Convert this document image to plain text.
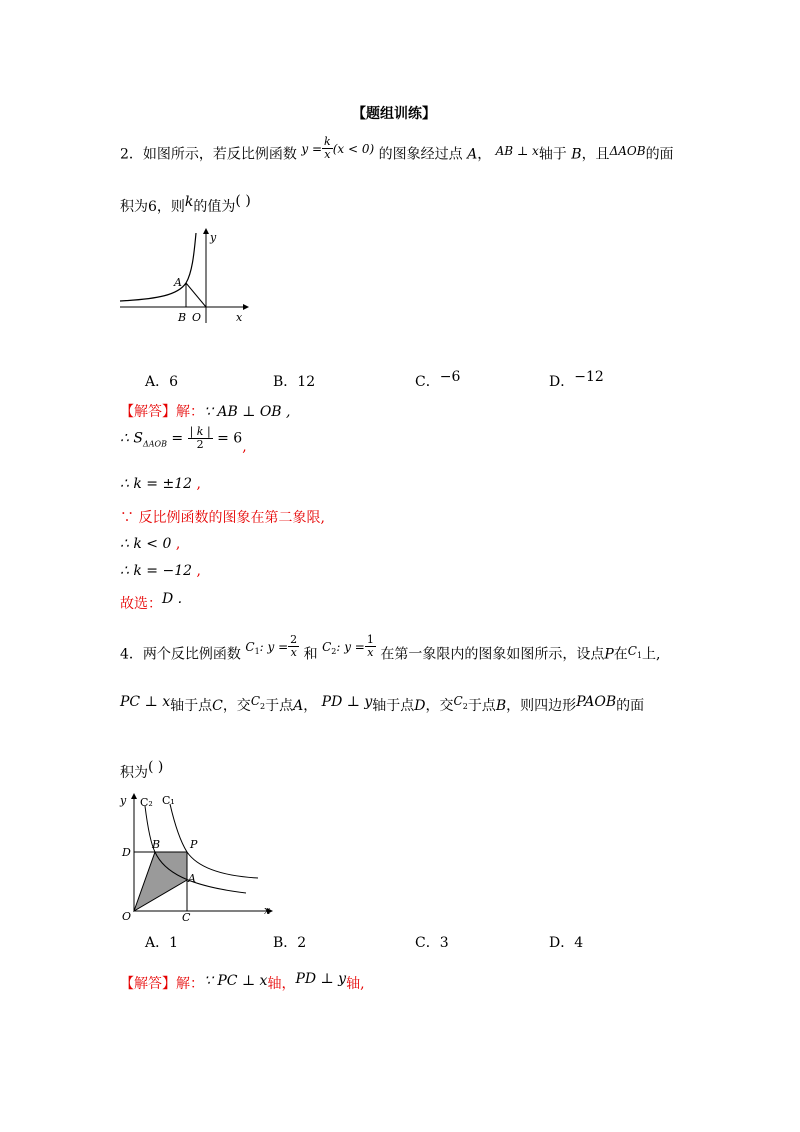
【题组训练】
2．如图所示，若反比例函数 $y = \frac{k}{x} (x < 0)$ 的图象经过点 A， AB ⊥ x轴于 B，且ΔAOB的面
积为6，则k的值为( )
y
x
A
B O
A．6	B．12	C．−6	D．−12
【解答】解：∵ AB ⊥ OB ,
∴ $S_{\Delta AOB} = \frac{| k |}{2} = 6$,
∴ k = ±12 ,
∵ 反比例函数的图象在第二象限,
∴ k < 0 ,
∴ k = −12 ,
故选：D .
4．两个反比例函数 $C_1$: $y = \frac{2}{x}$ 和 $C_2$: $y = \frac{1}{x}$ 在第一象限内的图象如图所示，设点P在$C_1$上,
PC ⊥ x轴于点C，交$C_2$于点A， PD ⊥ y轴于点D，交$C_2$于点B，则四边形PAOB的面
积为( )
y C₂ C₁
B	P
D
A
O	C
x
A．1	B．2	C．3	D．4
【解答】解：∵ PC ⊥ x轴，PD ⊥ y轴,
